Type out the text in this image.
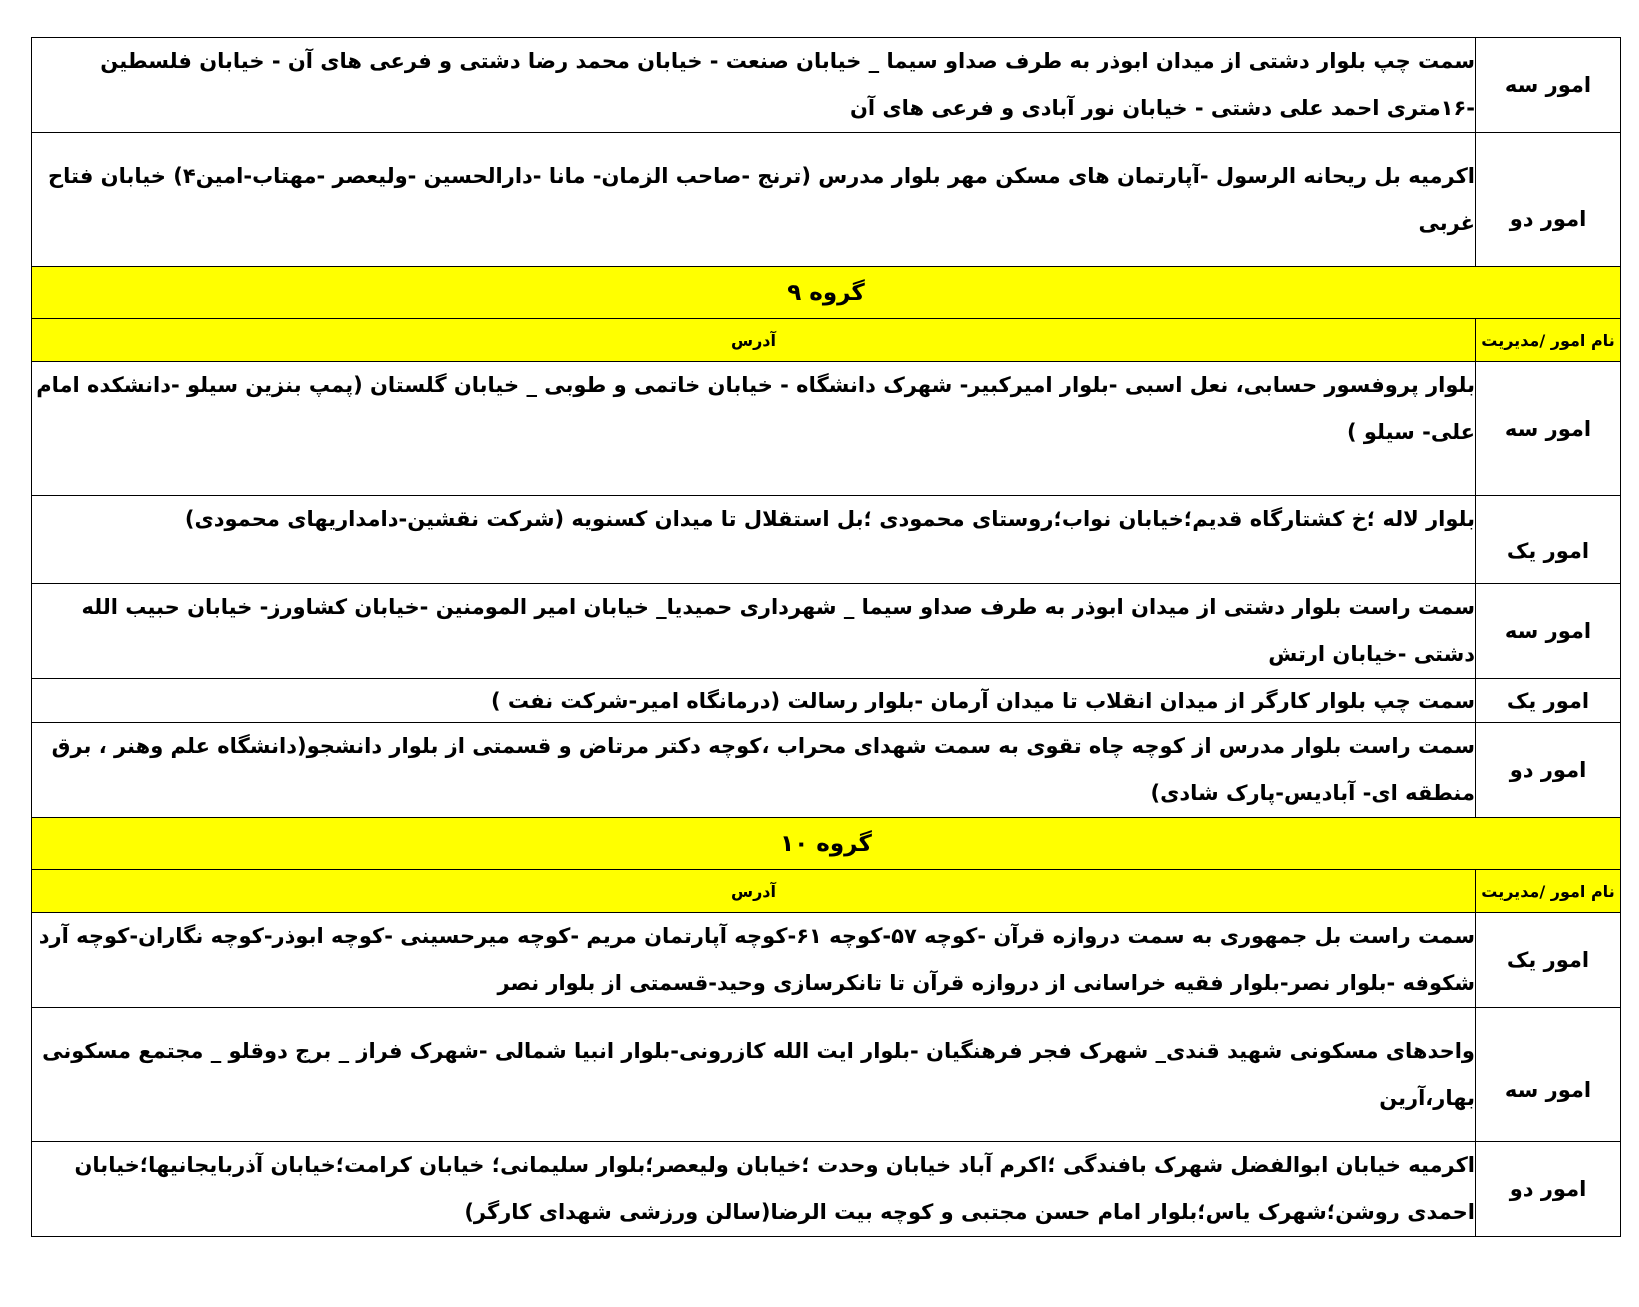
امور سه	سمت چپ بلوار دشتی از میدان ابوذر به طرف صداو سیما _ خیابان صنعت - خیابان محمد رضا دشتی و فرعی های آن - خیابان فلسطین -۱۶متری احمد علی دشتی - خیابان نور آبادی و فرعی های آن
امور دو	اکرمیه بل ریحانه الرسول -آپارتمان های مسکن مهر بلوار مدرس (ترنج -صاحب الزمان- مانا -دارالحسین -ولیعصر -مهتاب-امین۴) خیابان فتاح غربی
گروه ۹	
نام امور /مدیریت	آدرس
امور سه	بلوار پروفسور حسابی، نعل اسبی -بلوار امیرکبیر- شهرک دانشگاه - خیابان خاتمی و طوبی _ خیابان گلستان (پمپ بنزین سیلو -دانشکده امام علی- سیلو )
امور یک	بلوار لاله ؛خ کشتارگاه قدیم؛خیابان نواب؛روستای محمودی ؛بل استقلال تا میدان کسنویه (شرکت نقشین-دامداریهای محمودی)
امور سه	سمت راست بلوار دشتی از میدان ابوذر به طرف صداو سیما _ شهرداری حمیدیا_ خیابان امیر المومنین -خیابان کشاورز- خیابان حبیب الله دشتی -خیابان ارتش
امور یک	سمت چپ بلوار کارگر از میدان انقلاب تا میدان آرمان -بلوار رسالت (درمانگاه امیر-شرکت نفت )
امور دو	سمت راست بلوار مدرس از کوچه چاه تقوی به سمت شهدای محراب ،کوچه دکتر مرتاض و قسمتی از بلوار دانشجو(دانشگاه علم وهنر ، برق منطقه ای- آبادیس-پارک شادی)
گروه ۱۰	
نام امور /مدیریت	آدرس
امور یک	سمت راست بل جمهوری به سمت دروازه قرآن -کوچه ۵۷-کوچه ۶۱-کوچه آپارتمان مریم -کوچه میرحسینی -کوچه ابوذر-کوچه نگاران-کوچه آرد شکوفه -بلوار نصر-بلوار فقیه خراسانی از دروازه قرآن تا تانکرسازی وحید-قسمتی از بلوار نصر
امور سه	واحدهای مسکونی شهید قندی_ شهرک فجر فرهنگیان -بلوار ایت الله کازرونی-بلوار انبیا شمالی -شهرک فراز _ برج دوقلو _ مجتمع مسکونی بهار،آرین
امور دو	اکرمیه خیابان ابوالفضل شهرک بافندگی ؛اکرم آباد خیابان وحدت ؛خیابان ولیعصر؛بلوار سلیمانی؛ خیابان کرامت؛خیابان آذربایجانیها؛خیابان احمدی روشن؛شهرک یاس؛بلوار امام حسن مجتبی و کوچه بیت الرضا(سالن ورزشی شهدای کارگر)
